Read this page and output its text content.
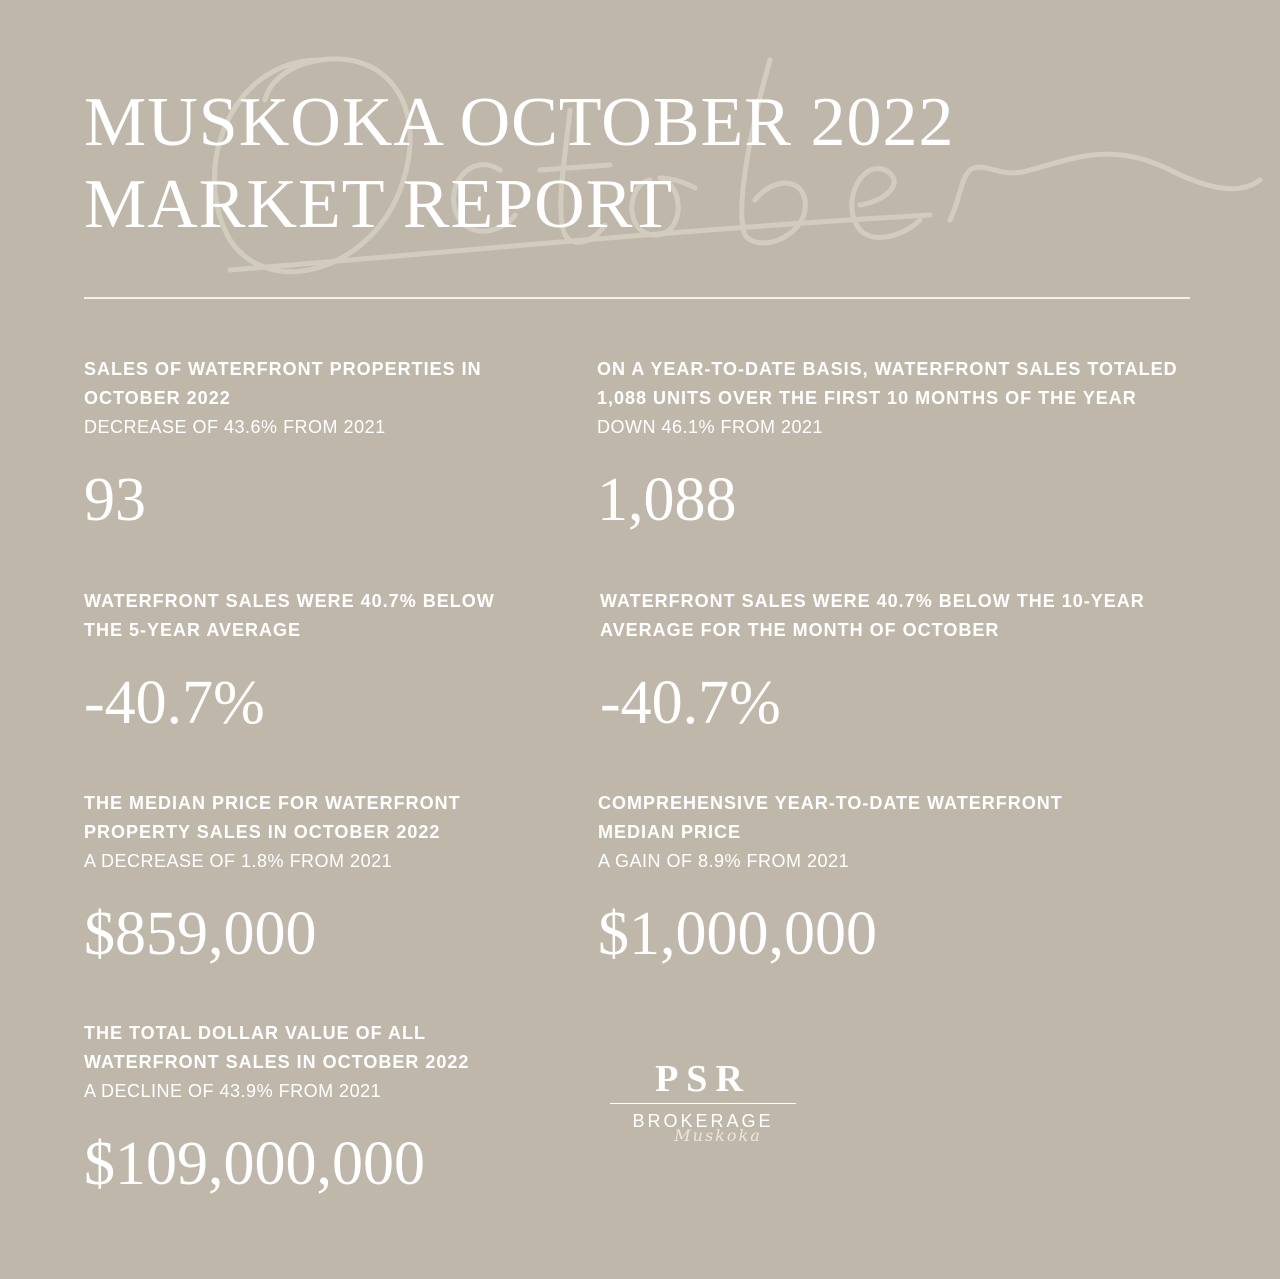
MUSKOKA OCTOBER 2022
MARKET REPORT

SALES OF WATERFRONT PROPERTIES IN
OCTOBER 2022

DECREASE OF 43.6% FROM 2021

93

ON A YEAR-TO-DATE BASIS, WATERFRONT SALES TOTALED
1,088 UNITS OVER THE FIRST 10 MONTHS OF THE YEAR

DOWN 46.1% FROM 2021

1,088

WATERFRONT SALES WERE 40.7% BELOW
THE 5-YEAR AVERAGE

-40.7%

WATERFRONT SALES WERE 40.7% BELOW THE 10-YEAR
AVERAGE FOR THE MONTH OF OCTOBER

-40.7%

THE MEDIAN PRICE FOR WATERFRONT
PROPERTY SALES IN OCTOBER 2022

A DECREASE OF 1.8% FROM 2021

$859,000

COMPREHENSIVE YEAR-TO-DATE WATERFRONT
MEDIAN PRICE

A GAIN OF 8.9% FROM 2021

$1,000,000

THE TOTAL DOLLAR VALUE OF ALL
WATERFRONT SALES IN OCTOBER 2022

A DECLINE OF 43.9% FROM 2021

$109,000,000

PSR
BROKERAGE
Muskoka
